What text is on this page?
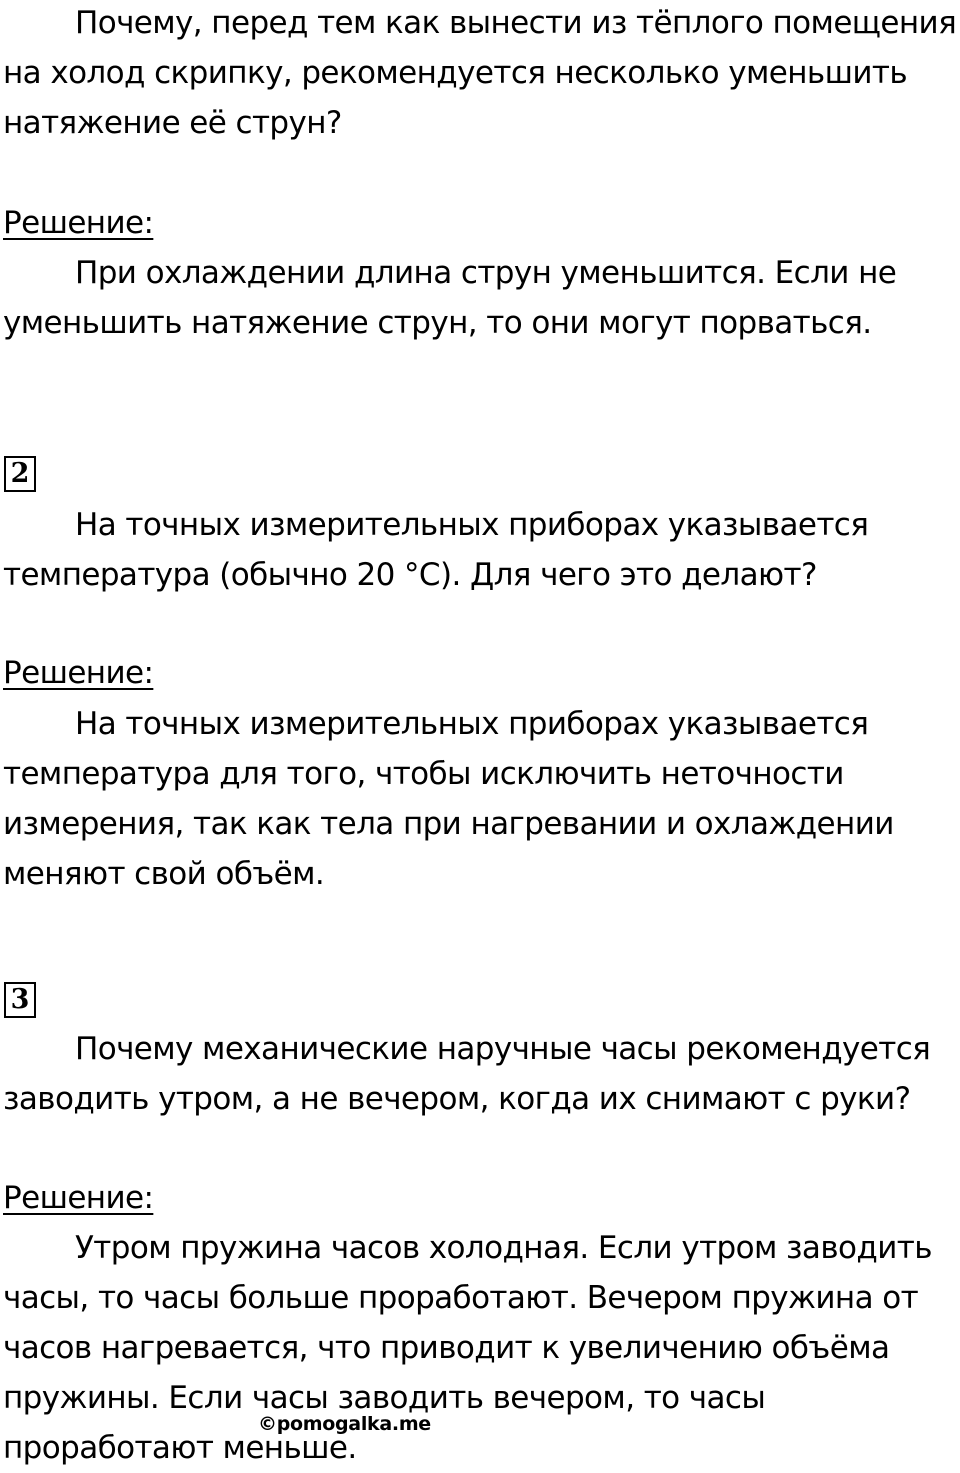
Почему, перед тем как вынести из тёплого помещения
на холод скрипку, рекомендуется несколько уменьшить
натяжение её струн?

Решение:

При охлаждении длина струн уменьшится. Если не
уменьшить натяжение струн, то они могут порваться.

2

На точных измерительных приборах указывается
температура (обычно 20 °С). Для чего это делают?

Решение:

На точных измерительных приборах указывается
температура для того, чтобы исключить неточности
измерения, так как тела при нагревании и охлаждении
меняют свой объём.

3

Почему механические наручные часы рекомендуется
заводить утром, а не вечером, когда их снимают с руки?

Решение:

Утром пружина часов холодная. Если утром заводить
часы, то часы больше проработают. Вечером пружина от
часов нагревается, что приводит к увеличению объёма
пружины. Если часы заводить вечером, то часы
проработают меньше.

©pomogalka.me
